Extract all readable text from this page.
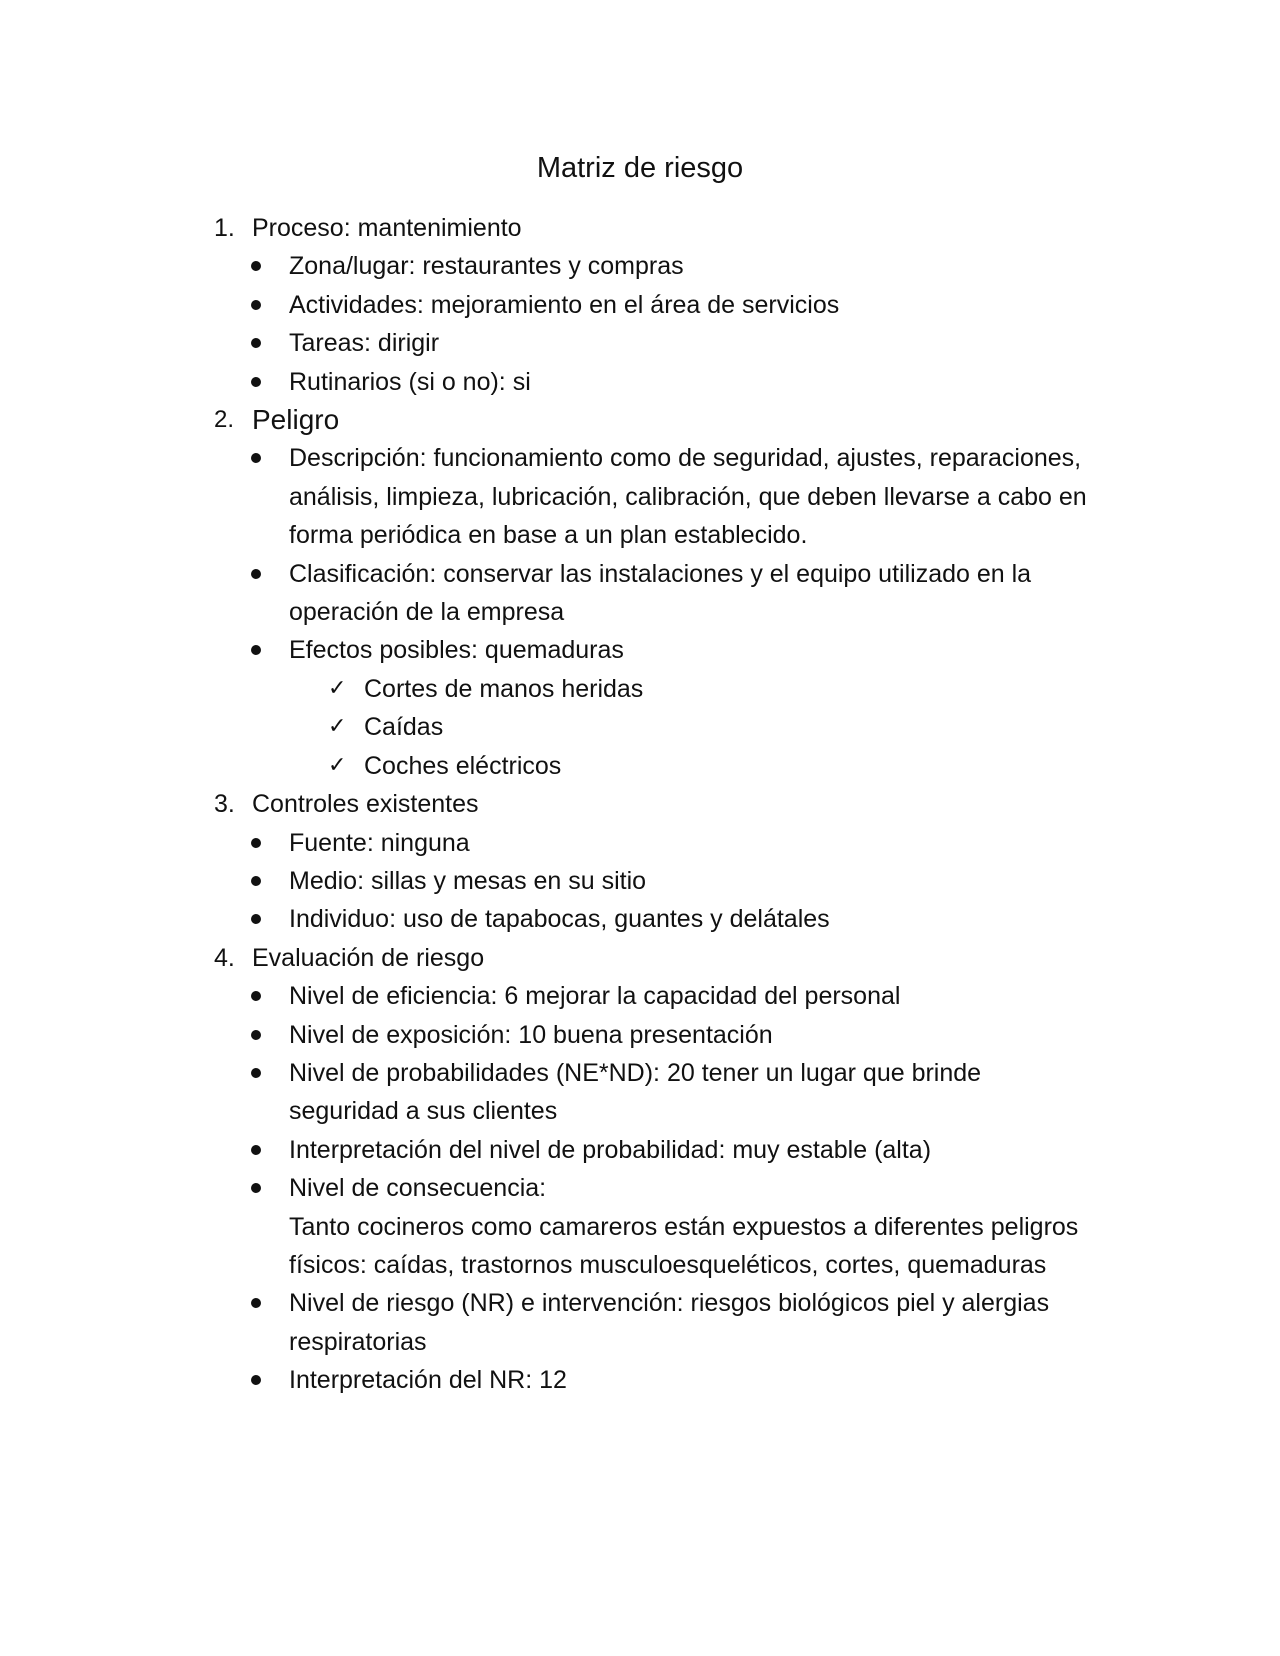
Matriz de riesgo
1. Proceso: mantenimiento
Zona/lugar: restaurantes y compras
Actividades: mejoramiento en el área de servicios
Tareas: dirigir
Rutinarios (si o no): si
2. Peligro
Descripción: funcionamiento como de seguridad, ajustes, reparaciones, análisis, limpieza, lubricación, calibración, que deben llevarse a cabo en forma periódica en base a un plan establecido.
Clasificación: conservar las instalaciones y el equipo utilizado en la operación de la empresa
Efectos posibles: quemaduras
✓ Cortes de manos heridas
✓ Caídas
✓ Coches eléctricos
3. Controles existentes
Fuente: ninguna
Medio: sillas y mesas en su sitio
Individuo: uso de tapabocas, guantes y delátales
4. Evaluación de riesgo
Nivel de eficiencia: 6 mejorar la capacidad del personal
Nivel de exposición: 10 buena presentación
Nivel de probabilidades (NE*ND): 20 tener un lugar que brinde seguridad a sus clientes
Interpretación del nivel de probabilidad: muy estable (alta)
Nivel de consecuencia:
Tanto cocineros como camareros están expuestos a diferentes peligros físicos: caídas, trastornos musculoesqueléticos, cortes, quemaduras
Nivel de riesgo (NR) e intervención: riesgos biológicos piel y alergias respiratorias
Interpretación del NR: 12
